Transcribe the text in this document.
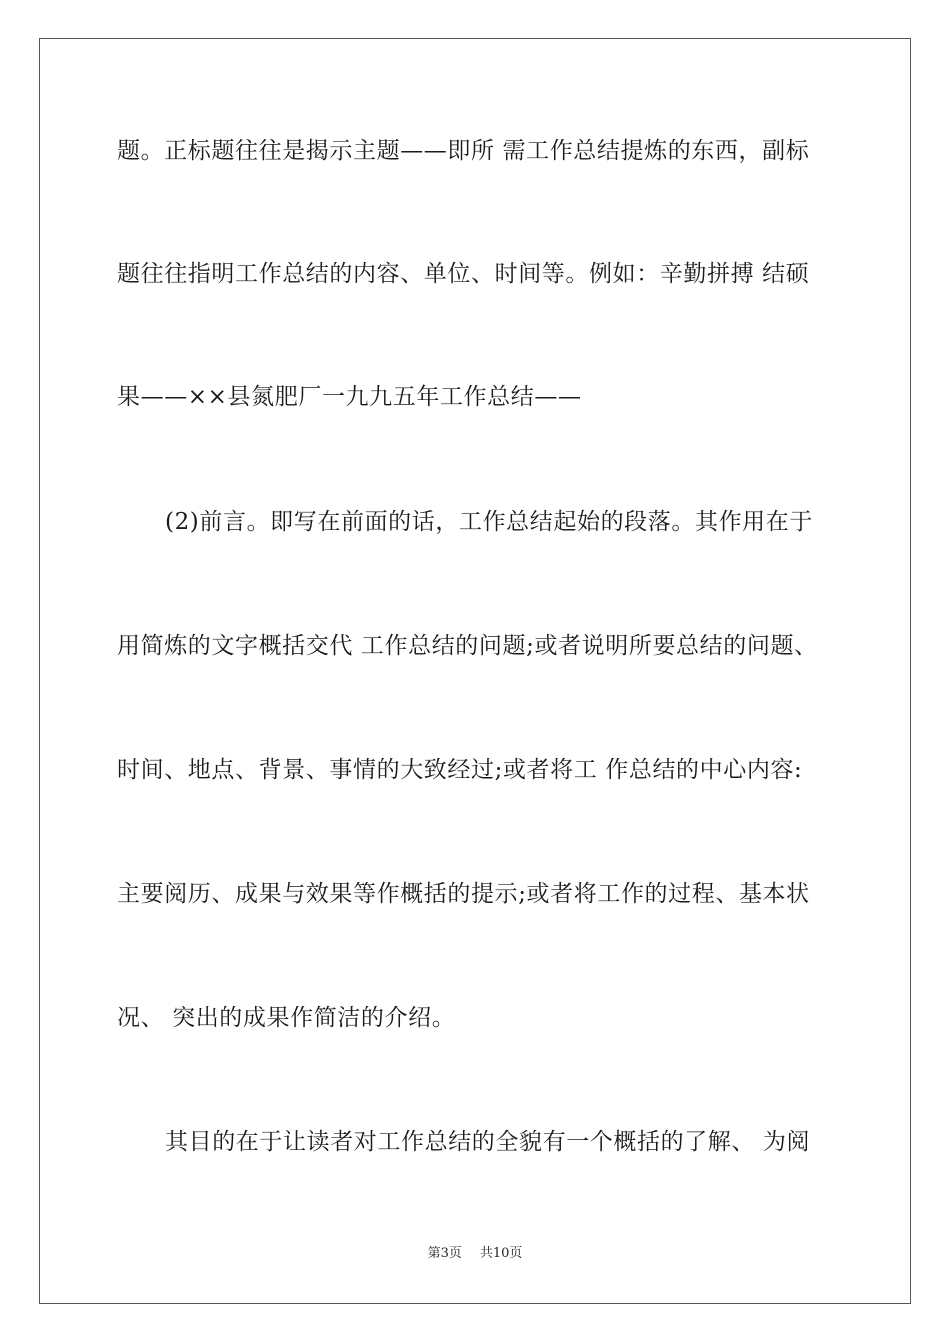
题。正标题往往是揭示主题——即所 需工作总结提炼的东西，副标
题往往指明工作总结的内容、单位、时间等。例如：辛勤拼搏 结硕
果——××县氮肥厂一九九五年工作总结——
(2)前言。即写在前面的话，工作总结起始的段落。其作用在于
用简炼的文字概括交代 工作总结的问题;或者说明所要总结的问题、
时间、地点、背景、事情的大致经过;或者将工 作总结的中心内容:
主要阅历、成果与效果等作概括的提示;或者将工作的过程、基本状
况、 突出的成果作简洁的介绍。
其目的在于让读者对工作总结的全貌有一个概括的了解、 为阅
第3页 共10页
